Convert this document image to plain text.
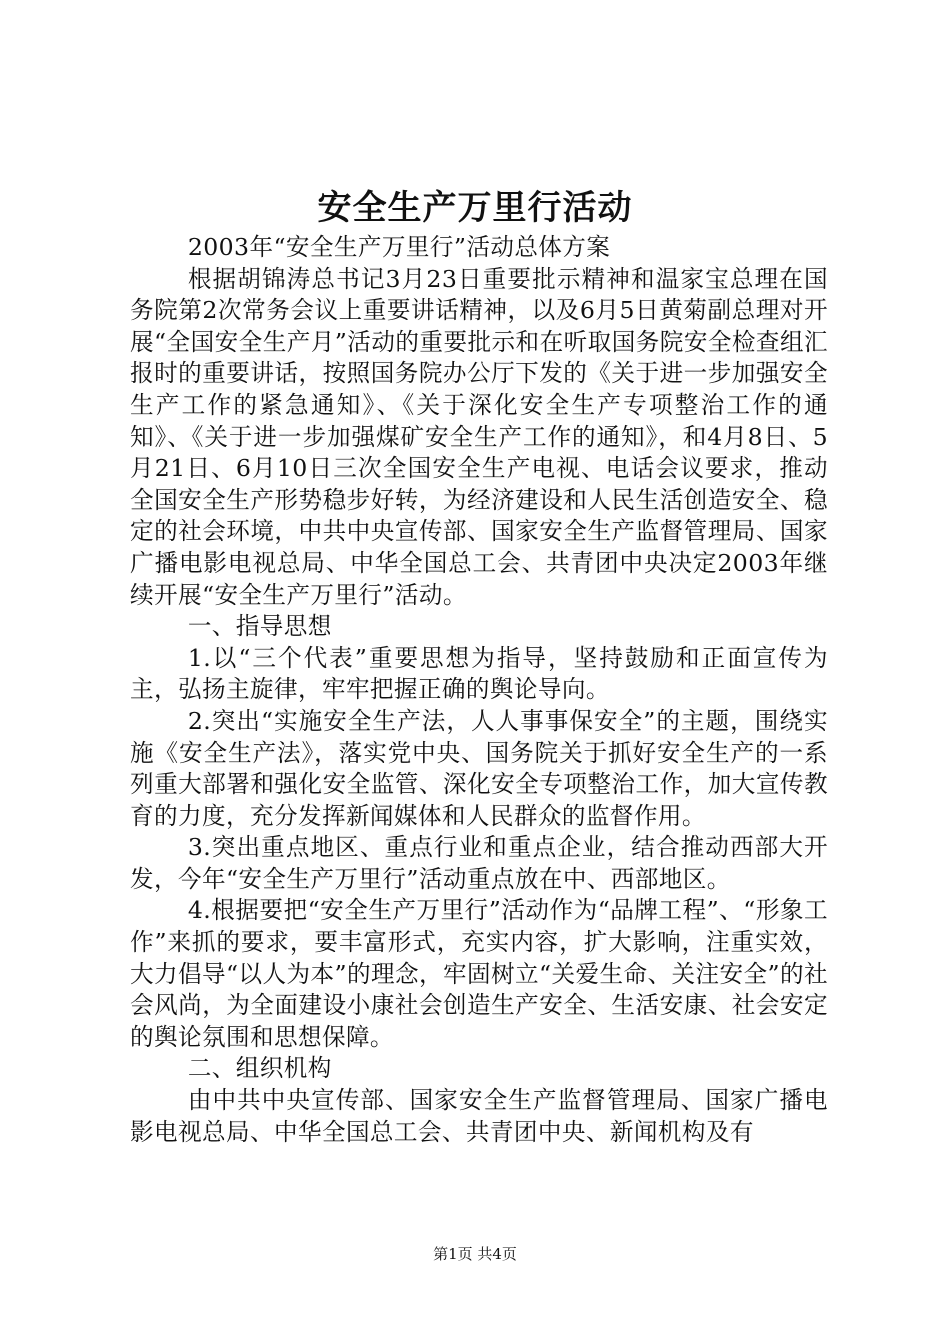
安全生产万里行活动

2003年“安全生产万里行”活动总体方案

根据胡锦涛总书记3月23日重要批示精神和温家宝总理在国务院第2次常务会议上重要讲话精神，以及6月5日黄菊副总理对开展“全国安全生产月”活动的重要批示和在听取国务院安全检查组汇报时的重要讲话，按照国务院办公厅下发的《关于进一步加强安全生产工作的紧急通知》、《关于深化安全生产专项整治工作的通知》、《关于进一步加强煤矿安全生产工作的通知》，和4月8日、5月21日、6月10日三次全国安全生产电视、电话会议要求，推动全国安全生产形势稳步好转，为经济建设和人民生活创造安全、稳定的社会环境，中共中央宣传部、国家安全生产监督管理局、国家广播电影电视总局、中华全国总工会、共青团中央决定2003年继续开展“安全生产万里行”活动。

一、指导思想

1.以“三个代表”重要思想为指导，坚持鼓励和正面宣传为主，弘扬主旋律，牢牢把握正确的舆论导向。

2.突出“实施安全生产法，人人事事保安全”的主题，围绕实施《安全生产法》，落实党中央、国务院关于抓好安全生产的一系列重大部署和强化安全监管、深化安全专项整治工作，加大宣传教育的力度，充分发挥新闻媒体和人民群众的监督作用。

3.突出重点地区、重点行业和重点企业，结合推动西部大开发，今年“安全生产万里行”活动重点放在中、西部地区。

4.根据要把“安全生产万里行”活动作为“品牌工程”、“形象工作”来抓的要求，要丰富形式，充实内容，扩大影响，注重实效，大力倡导“以人为本”的理念，牢固树立“关爱生命、关注安全”的社会风尚，为全面建设小康社会创造生产安全、生活安康、社会安定的舆论氛围和思想保障。

二、组织机构

由中共中央宣传部、国家安全生产监督管理局、国家广播电影电视总局、中华全国总工会、共青团中央、新闻机构及有

第1页 共4页
